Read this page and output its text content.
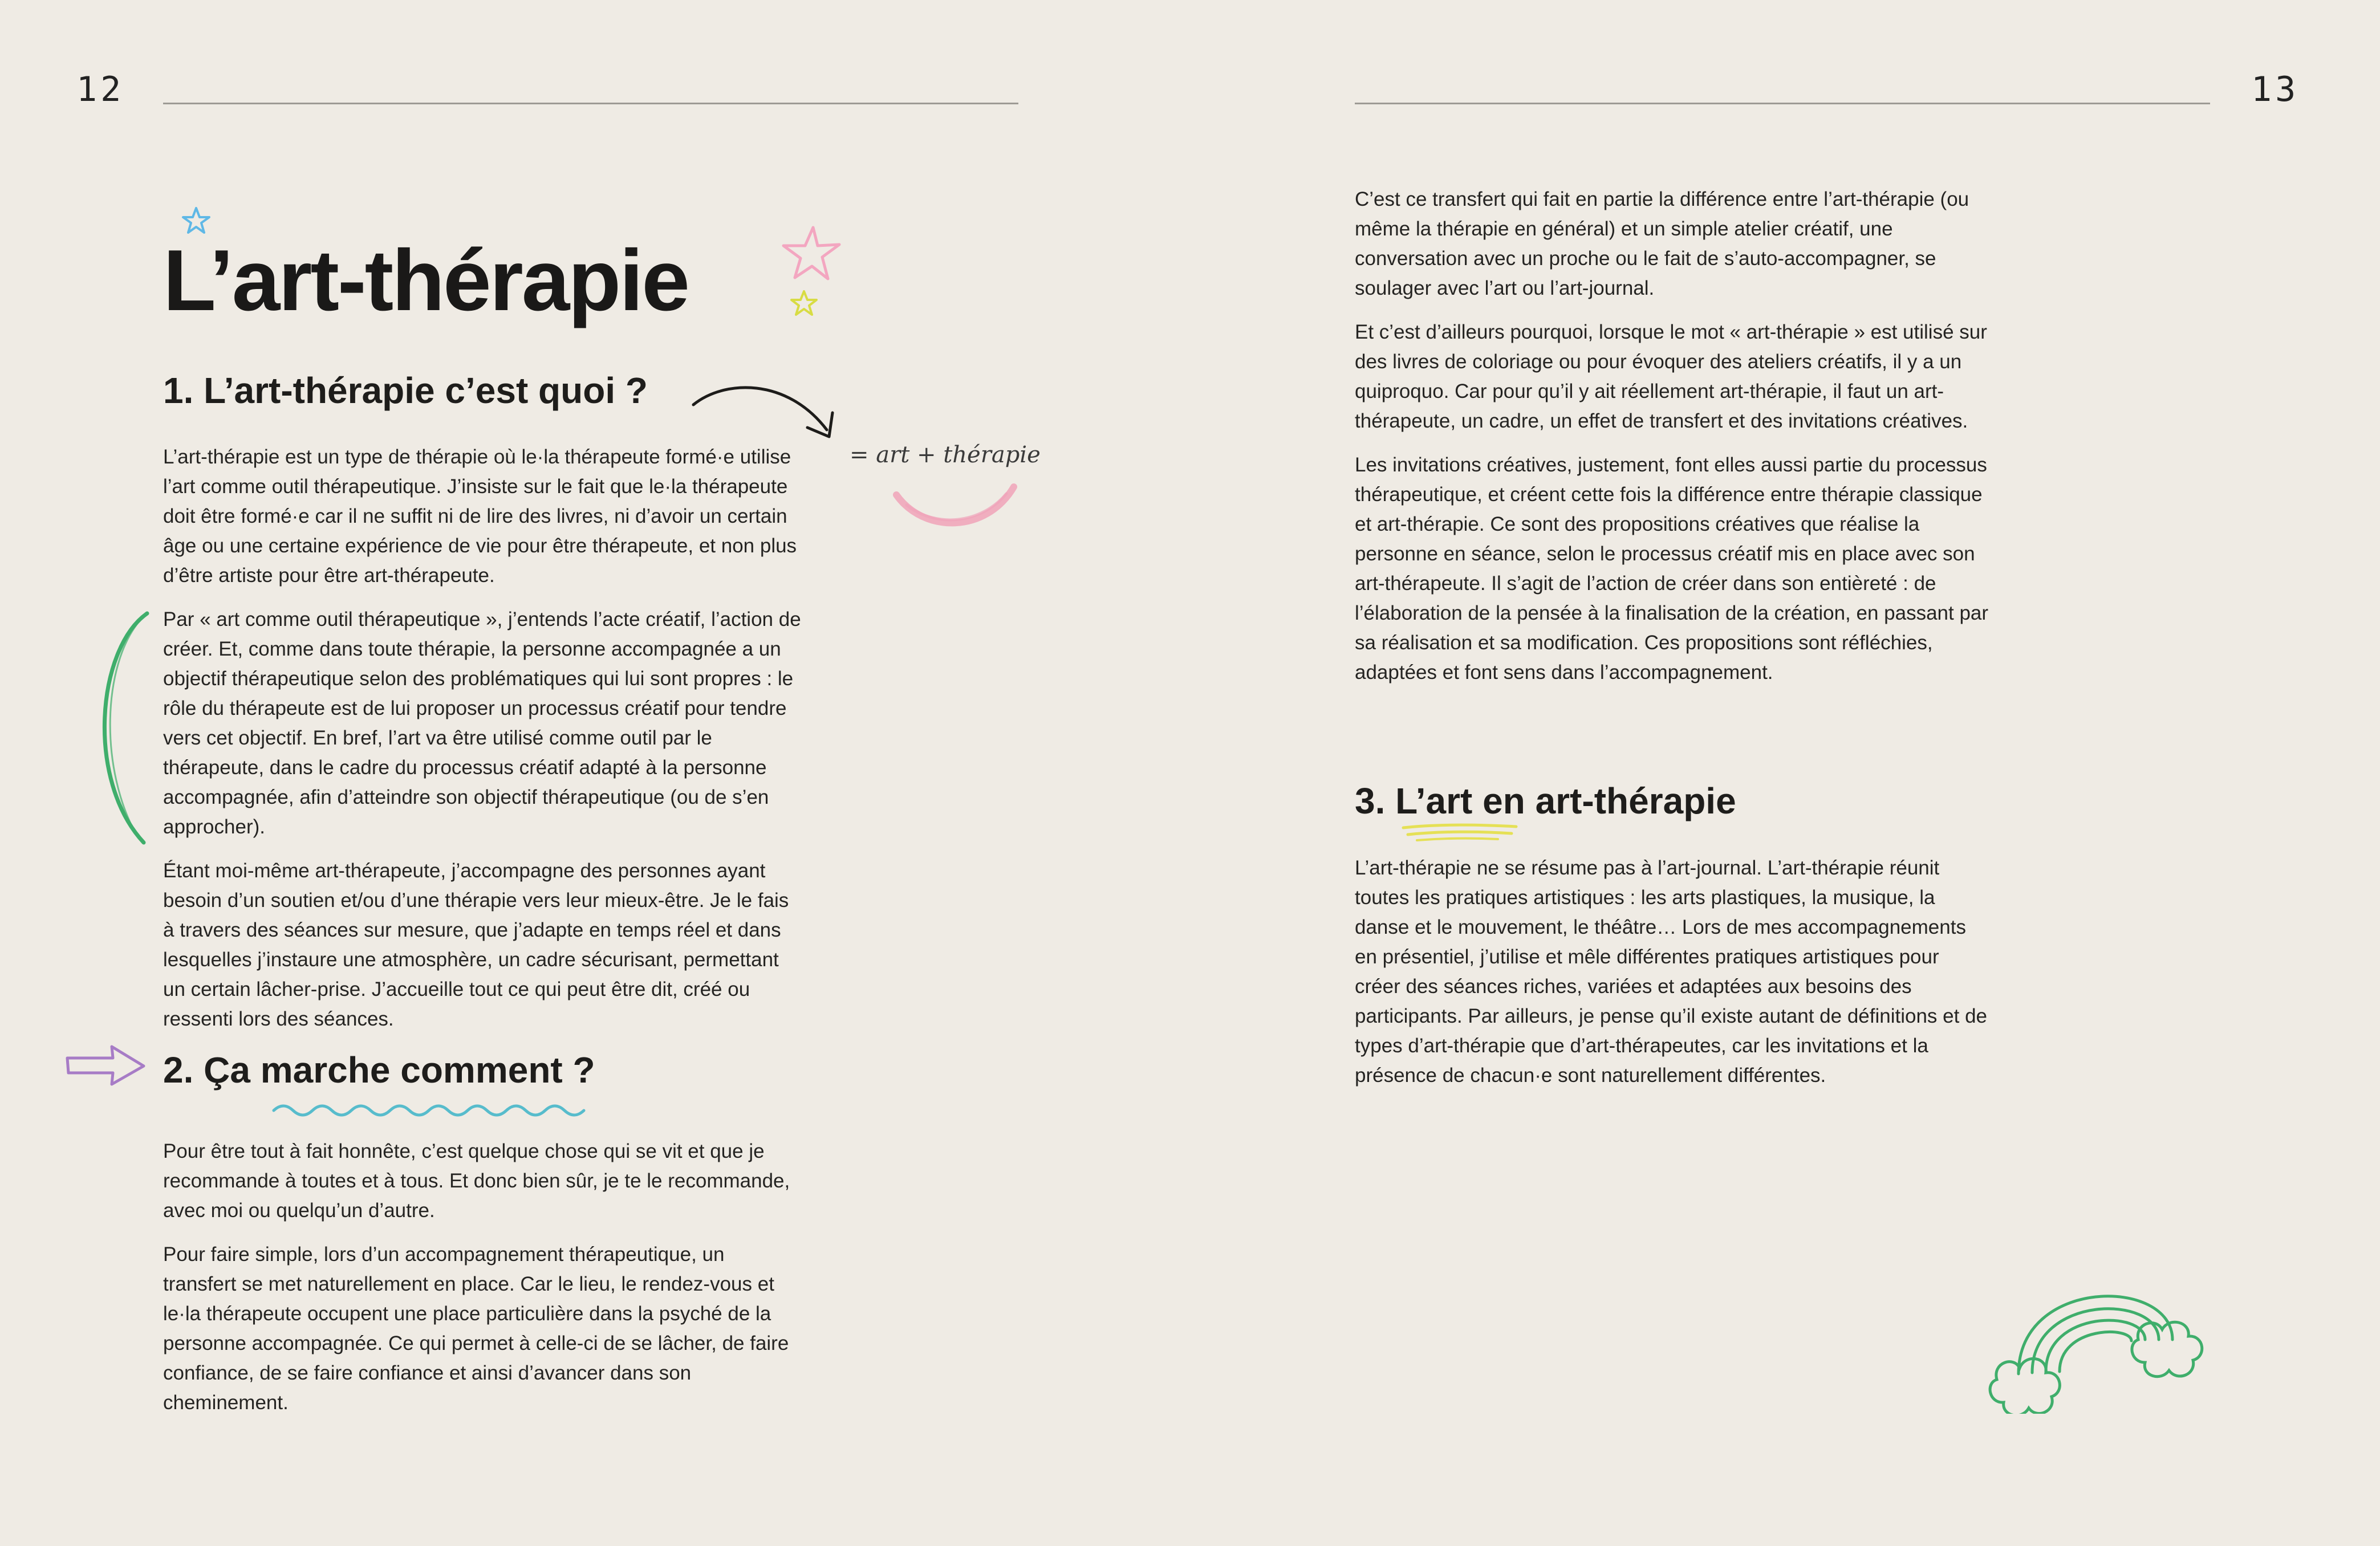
12
L’art-thérapie
1. L’art-thérapie c’est quoi ?
= art + thérapie

L’art-thérapie est un type de thérapie où le·la thérapeute formé·e utilise l’art comme outil thérapeutique. J’insiste sur le fait que le·la thérapeute doit être formé·e car il ne suffit ni de lire des livres, ni d’avoir un certain âge ou une certaine expérience de vie pour être thérapeute, et non plus d’être artiste pour être art-thérapeute.

Par « art comme outil thérapeutique », j’entends l’acte créatif, l’action de créer. Et, comme dans toute thérapie, la personne accompagnée a un objectif thérapeutique selon des problématiques qui lui sont propres : le rôle du thérapeute est de lui proposer un processus créatif pour tendre vers cet objectif. En bref, l’art va être utilisé comme outil par le thérapeute, dans le cadre du processus créatif adapté à la personne accompagnée, afin d’atteindre son objectif thérapeutique (ou de s’en approcher).

Étant moi-même art-thérapeute, j’accompagne des personnes ayant besoin d’un soutien et/ou d’une thérapie vers leur mieux-être. Je le fais à travers des séances sur mesure, que j’adapte en temps réel et dans lesquelles j’instaure une atmosphère, un cadre sécurisant, permettant un certain lâcher-prise. J’accueille tout ce qui peut être dit, créé ou ressenti lors des séances.

2. Ça marche comment ?

Pour être tout à fait honnête, c’est quelque chose qui se vit et que je recommande à toutes et à tous. Et donc bien sûr, je te le recommande, avec moi ou quelqu’un d’autre.

Pour faire simple, lors d’un accompagnement thérapeutique, un transfert se met naturellement en place. Car le lieu, le rendez-vous et le·la thérapeute occupent une place particulière dans la psyché de la personne accompagnée. Ce qui permet à celle-ci de se lâcher, de faire confiance, de se faire confiance et ainsi d’avancer dans son cheminement.

13

C’est ce transfert qui fait en partie la différence entre l’art-thérapie (ou même la thérapie en général) et un simple atelier créatif, une conversation avec un proche ou le fait de s’auto-accompagner, se soulager avec l’art ou l’art-journal.

Et c’est d’ailleurs pourquoi, lorsque le mot « art-thérapie » est utilisé sur des livres de coloriage ou pour évoquer des ateliers créatifs, il y a un quiproquo. Car pour qu’il y ait réellement art-thérapie, il faut un art-thérapeute, un cadre, un effet de transfert et des invitations créatives.

Les invitations créatives, justement, font elles aussi partie du processus thérapeutique, et créent cette fois la différence entre thérapie classique et art-thérapie. Ce sont des propositions créatives que réalise la personne en séance, selon le processus créatif mis en place avec son art-thérapeute. Il s’agit de l’action de créer dans son entièreté : de l’élaboration de la pensée à la finalisation de la création, en passant par sa réalisation et sa modification. Ces propositions sont réfléchies, adaptées et font sens dans l’accompagnement.

3. L’art en art-thérapie

L’art-thérapie ne se résume pas à l’art-journal. L’art-thérapie réunit toutes les pratiques artistiques : les arts plastiques, la musique, la danse et le mouvement, le théâtre… Lors de mes accompagnements en présentiel, j’utilise et mêle différentes pratiques artistiques pour créer des séances riches, variées et adaptées aux besoins des participants. Par ailleurs, je pense qu’il existe autant de définitions et de types d’art-thérapie que d’art-thérapeutes, car les invitations et la présence de chacun·e sont naturellement différentes.
